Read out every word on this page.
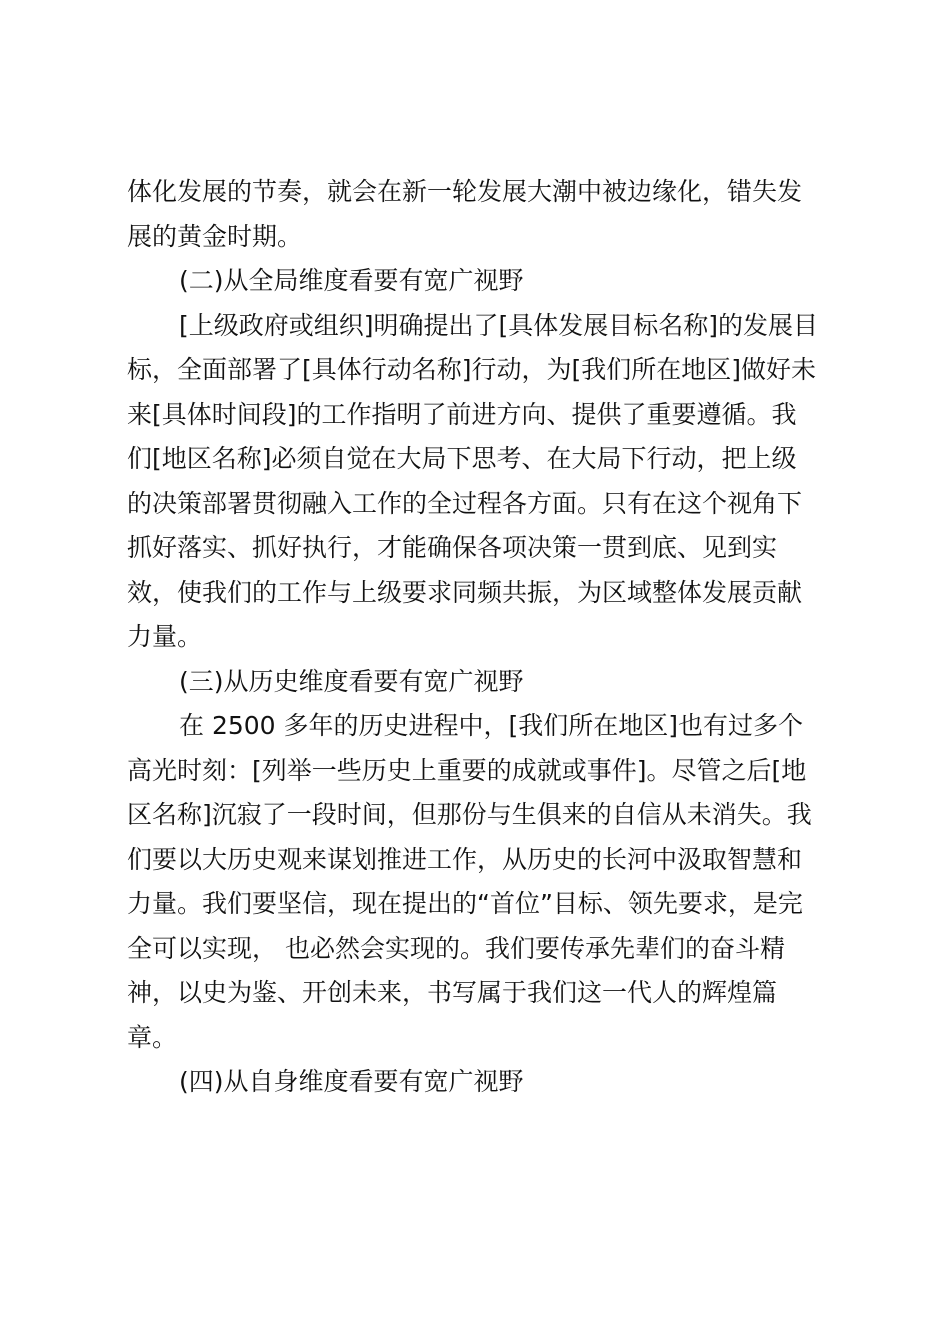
体化发展的节奏，就会在新一轮发展大潮中被边缘化，错失发
展的黄金时期。
(二)从全局维度看要有宽广视野
[上级政府或组织]明确提出了[具体发展目标名称]的发展目
标，全面部署了[具体行动名称]行动，为[我们所在地区]做好未
来[具体时间段]的工作指明了前进方向、提供了重要遵循。我
们[地区名称]必须自觉在大局下思考、在大局下行动，把上级
的决策部署贯彻融入工作的全过程各方面。只有在这个视角下
抓好落实、抓好执行，才能确保各项决策一贯到底、见到实
效，使我们的工作与上级要求同频共振，为区域整体发展贡献
力量。
(三)从历史维度看要有宽广视野
在 2500 多年的历史进程中，[我们所在地区]也有过多个
高光时刻：[列举一些历史上重要的成就或事件]。尽管之后[地
区名称]沉寂了一段时间，但那份与生俱来的自信从未消失。我
们要以大历史观来谋划推进工作，从历史的长河中汲取智慧和
力量。我们要坚信，现在提出的“首位”目标、领先要求，是完
全可以实现， 也必然会实现的。我们要传承先辈们的奋斗精
神，以史为鉴、开创未来，书写属于我们这一代人的辉煌篇
章。
(四)从自身维度看要有宽广视野
